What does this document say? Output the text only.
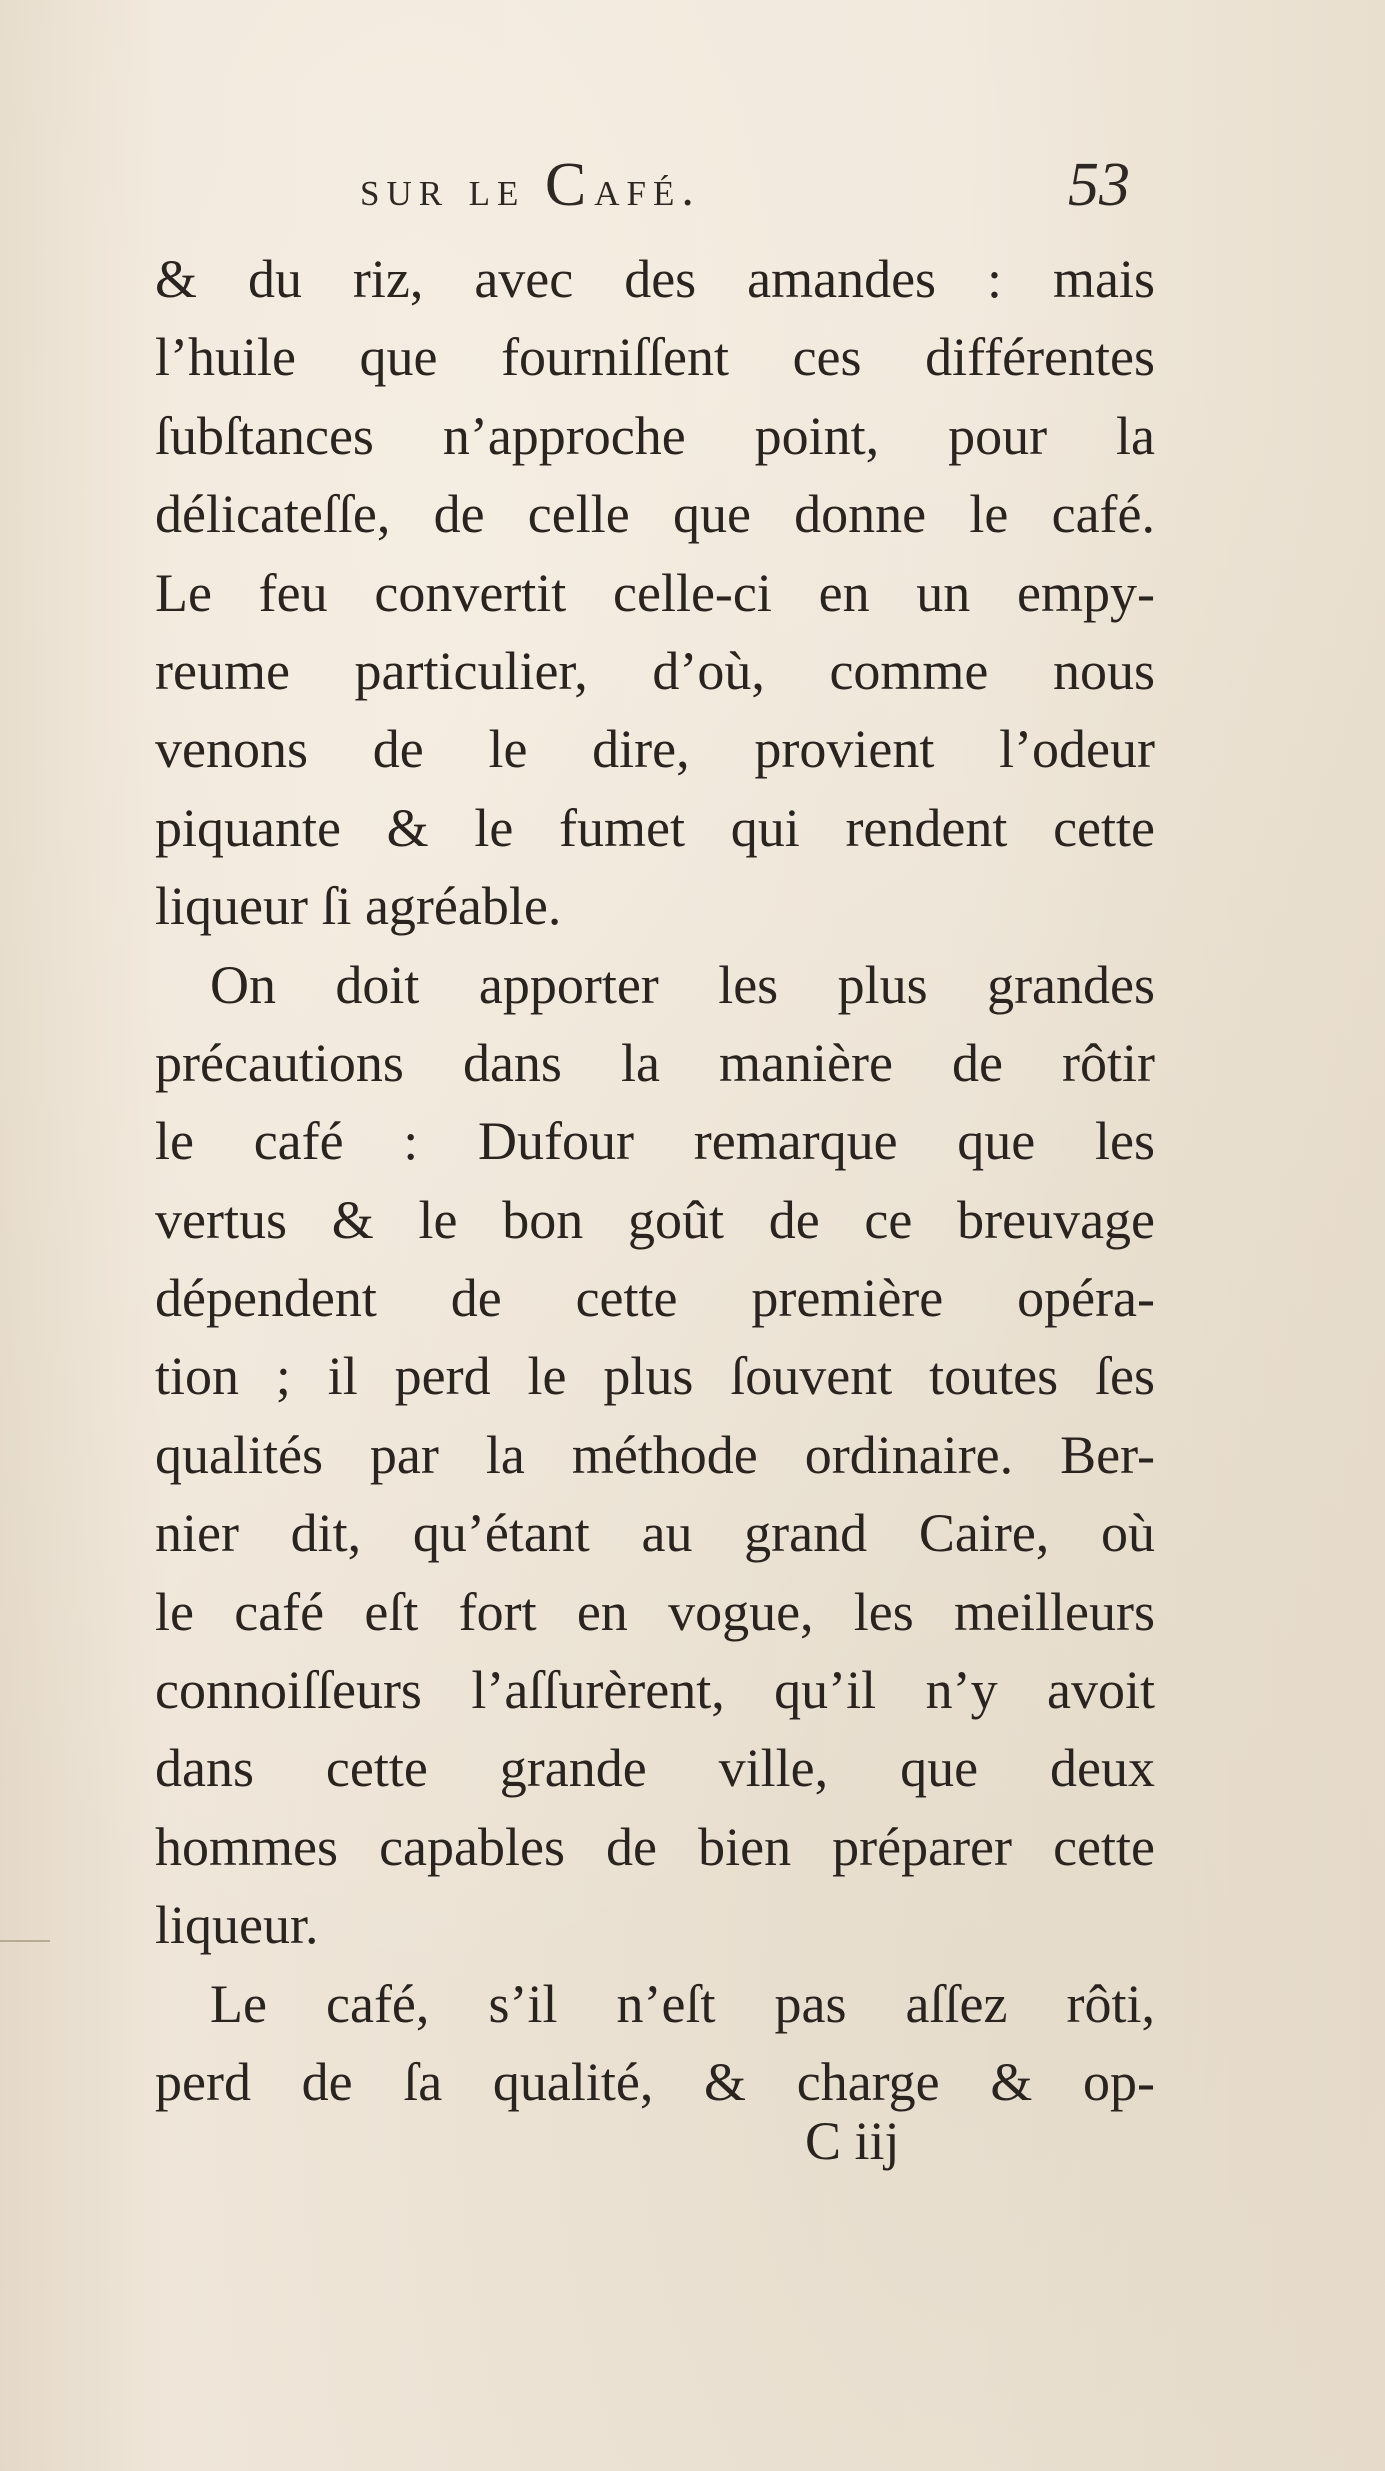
sur le Café.	53
& du riz, avec des amandes : mais
l’huile que fourniſſent ces différentes
ſubſtances n’approche point, pour la
délicateſſe, de celle que donne le café.
Le feu convertit celle-ci en un empy-
reume particulier, d’où, comme nous
venons de le dire, provient l’odeur
piquante & le fumet qui rendent cette
liqueur ſi agréable.
On doit apporter les plus grandes
précautions dans la manière de rôtir
le café : Dufour remarque que les
vertus & le bon goût de ce breuvage
dépendent de cette première opéra-
tion ; il perd le plus ſouvent toutes ſes
qualités par la méthode ordinaire. Ber-
nier dit, qu’étant au grand Caire, où
le café eſt fort en vogue, les meilleurs
connoiſſeurs l’aſſurèrent, qu’il n’y avoit
dans cette grande ville, que deux
hommes capables de bien préparer cette
liqueur.
Le café, s’il n’eſt pas aſſez rôti,
perd de ſa qualité, & charge & op-
C iij
